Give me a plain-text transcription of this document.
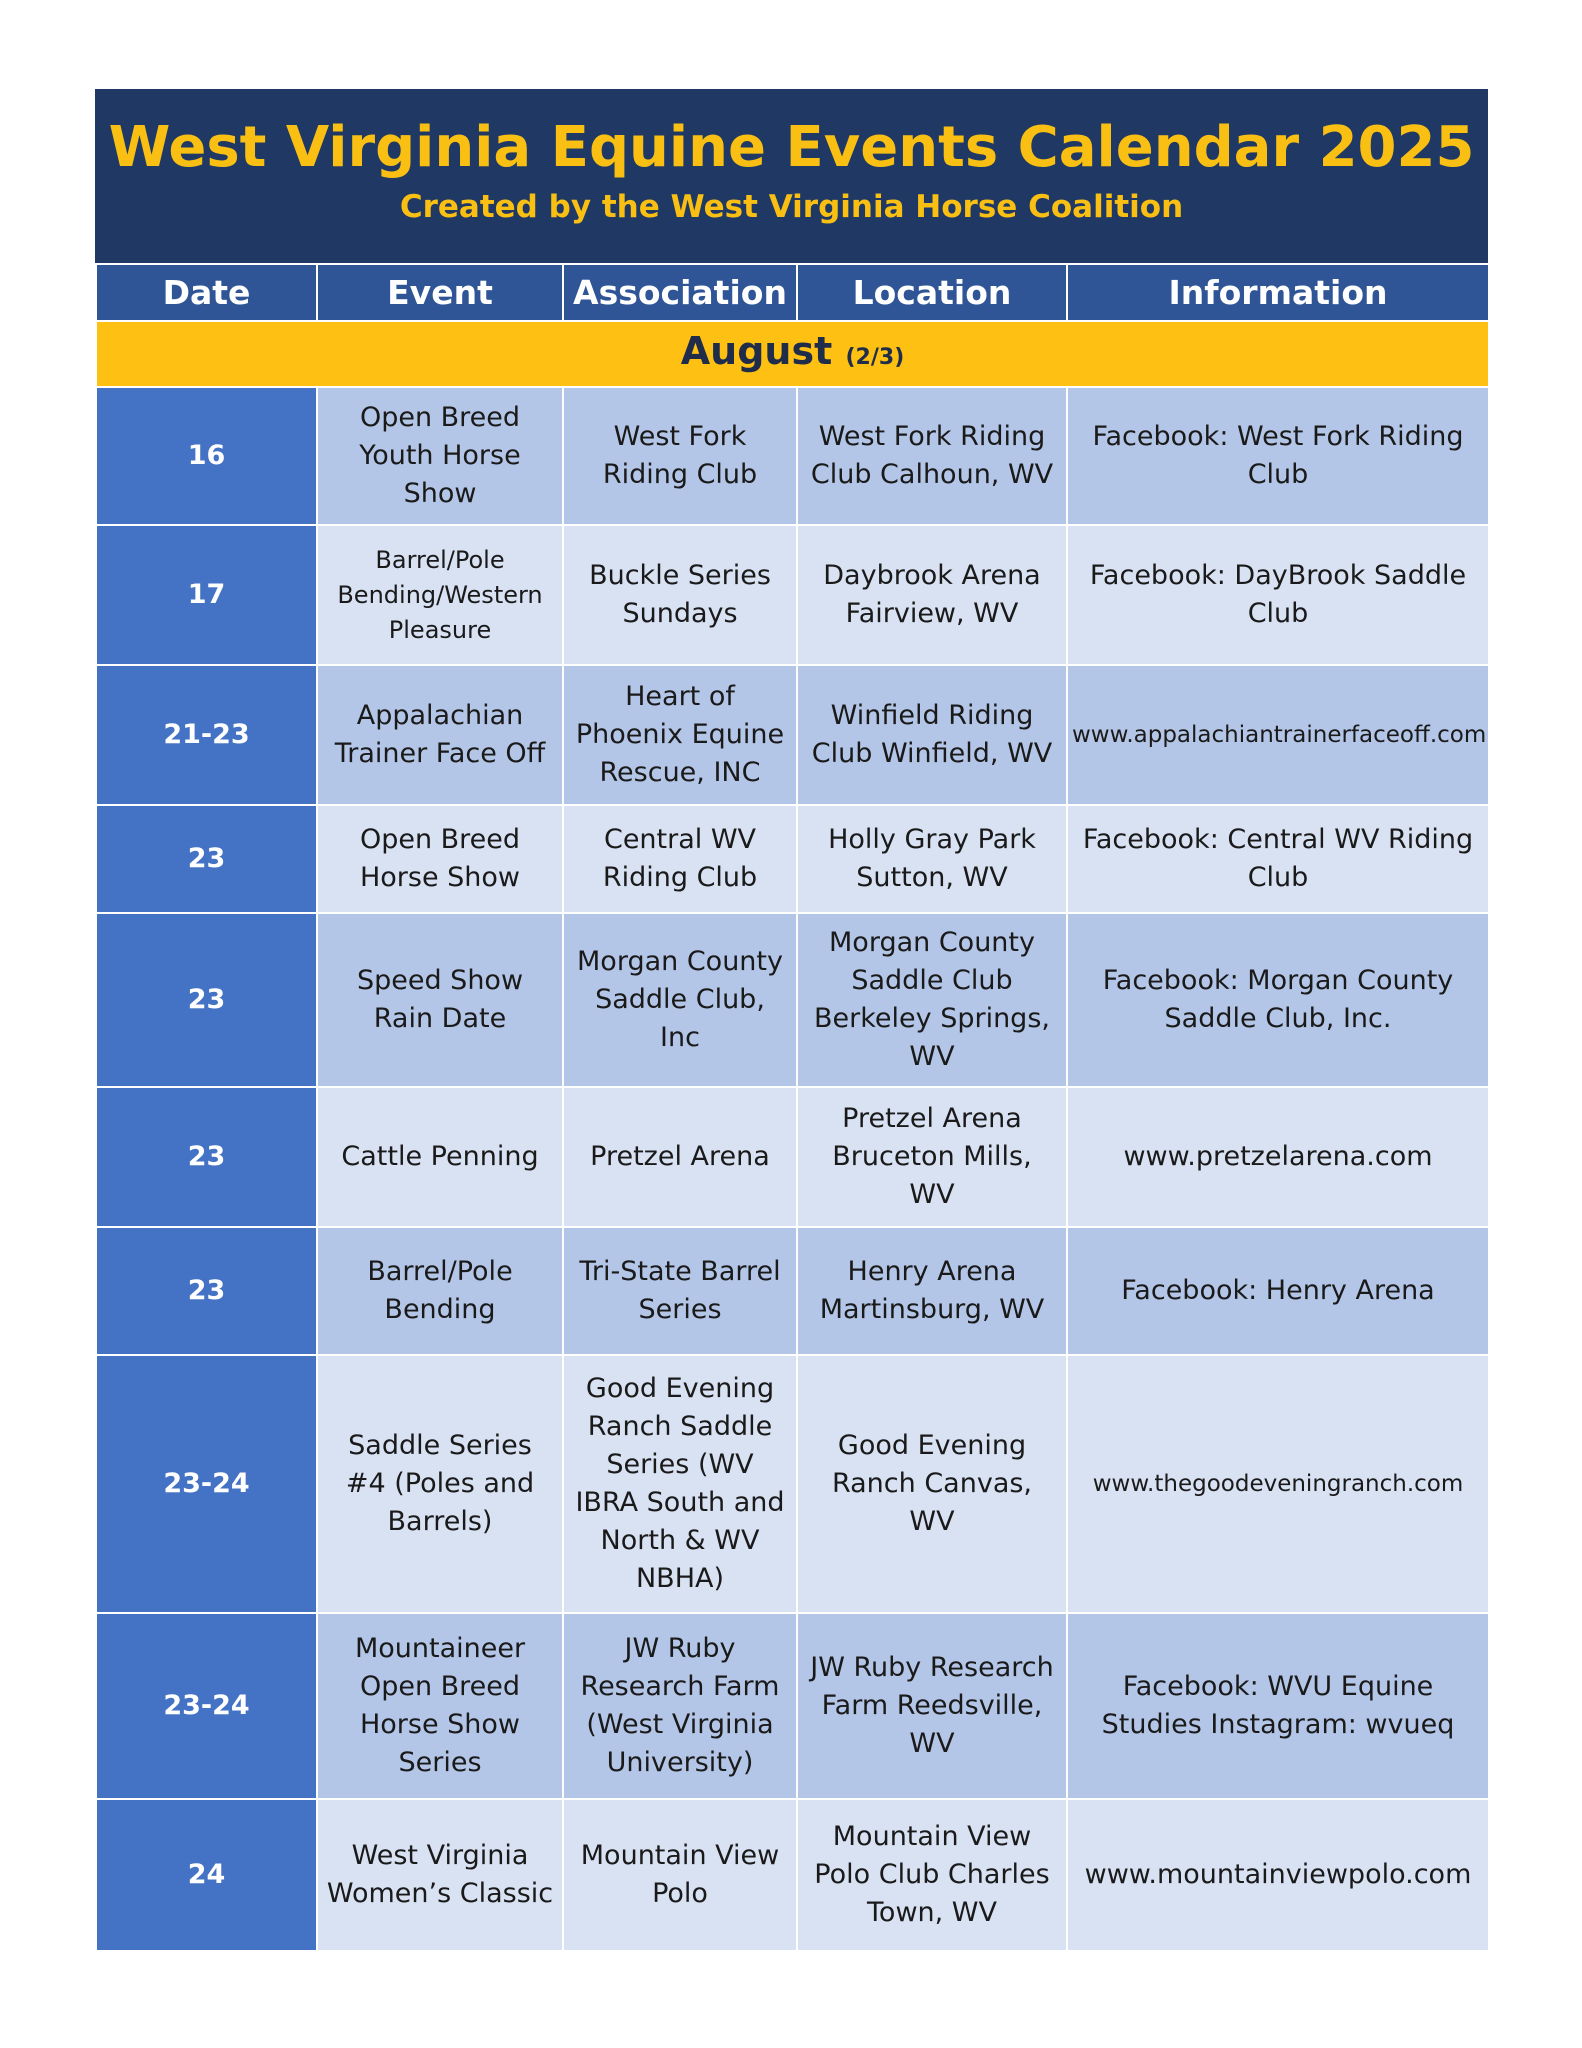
West Virginia Equine Events Calendar 2025

Created by the West Virginia Horse Coalition

Date	Event	Association	Location	Information
August (2/3)				
16	Open Breed Youth Horse Show	West Fork Riding Club	West Fork Riding Club Calhoun, WV	Facebook: West Fork Riding Club
17	Barrel/Pole Bending/Western Pleasure	Buckle Series Sundays	Daybrook Arena Fairview, WV	Facebook: DayBrook Saddle Club
21-23	Appalachian Trainer Face Off	Heart of Phoenix Equine Rescue, INC	Winfield Riding Club Winfield, WV	www.appalachiantrainerfaceoff.com
23	Open Breed Horse Show	Central WV Riding Club	Holly Gray Park Sutton, WV	Facebook: Central WV Riding Club
23	Speed Show Rain Date	Morgan County Saddle Club, Inc	Morgan County Saddle Club Berkeley Springs, WV	Facebook: Morgan County Saddle Club, Inc.
23	Cattle Penning	Pretzel Arena	Pretzel Arena Bruceton Mills, WV	www.pretzelarena.com
23	Barrel/Pole Bending	Tri-State Barrel Series	Henry Arena Martinsburg, WV	Facebook: Henry Arena
23-24	Saddle Series #4 (Poles and Barrels)	Good Evening Ranch Saddle Series (WV IBRA South and North & WV NBHA)	Good Evening Ranch Canvas, WV	www.thegoodeveningranch.com
23-24	Mountaineer Open Breed Horse Show Series	JW Ruby Research Farm (West Virginia University)	JW Ruby Research Farm Reedsville, WV	Facebook: WVU Equine Studies Instagram: wvueq
24	West Virginia Women’s Classic	Mountain View Polo	Mountain View Polo Club Charles Town, WV	www.mountainviewpolo.com
